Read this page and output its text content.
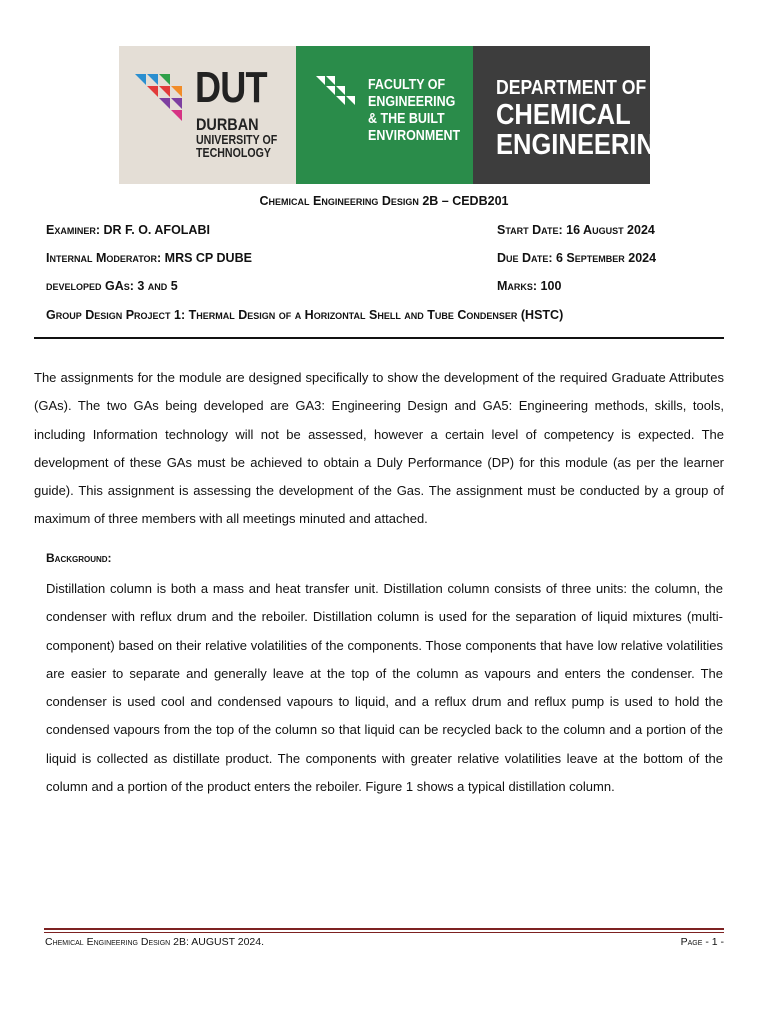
DUT
DURBAN
UNIVERSITY OF
TECHNOLOGY
FACULTY OF
ENGINEERING
& THE BUILT
ENVIRONMENT
DEPARTMENT OF
CHEMICAL
ENGINEERING
Chemical Engineering Design 2B – CEDB201
Examiner: DR F. O. AFOLABI
Internal Moderator: MRS CP DUBE
developed GAs: 3 and 5
Group Design Project 1: Thermal Design of a Horizontal Shell and Tube Condenser (HSTC)
Start Date: 16 August 2024
Due Date: 6 September 2024
Marks: 100
The assignments for the module are designed specifically to show the development of the required Graduate Attributes (GAs). The two GAs being developed are GA3: Engineering Design and GA5: Engineering methods, skills, tools, including Information technology will not be assessed, however a certain level of competency is expected. The development of these GAs must be achieved to obtain a Duly Performance (DP) for this module (as per the learner guide). This assignment is assessing the development of the Gas. The assignment must be conducted by a group of maximum of three members with all meetings minuted and attached.
Background:
Distillation column is both a mass and heat transfer unit. Distillation column consists of three units: the column, the condenser with reflux drum and the reboiler. Distillation column is used for the separation of liquid mixtures (multi-component) based on their relative volatilities of the components. Those components that have low relative volatilities are easier to separate and generally leave at the top of the column as vapours and enters the condenser. The condenser is used cool and condensed vapours to liquid, and a reflux drum and reflux pump is used to hold the condensed vapours from the top of the column so that liquid can be recycled back to the column and a portion of the liquid is collected as distillate product. The components with greater relative volatilities leave at the bottom of the column and a portion of the product enters the reboiler. Figure 1 shows a typical distillation column.
Chemical Engineering Design 2B: AUGUST 2024.	Page - 1 -
